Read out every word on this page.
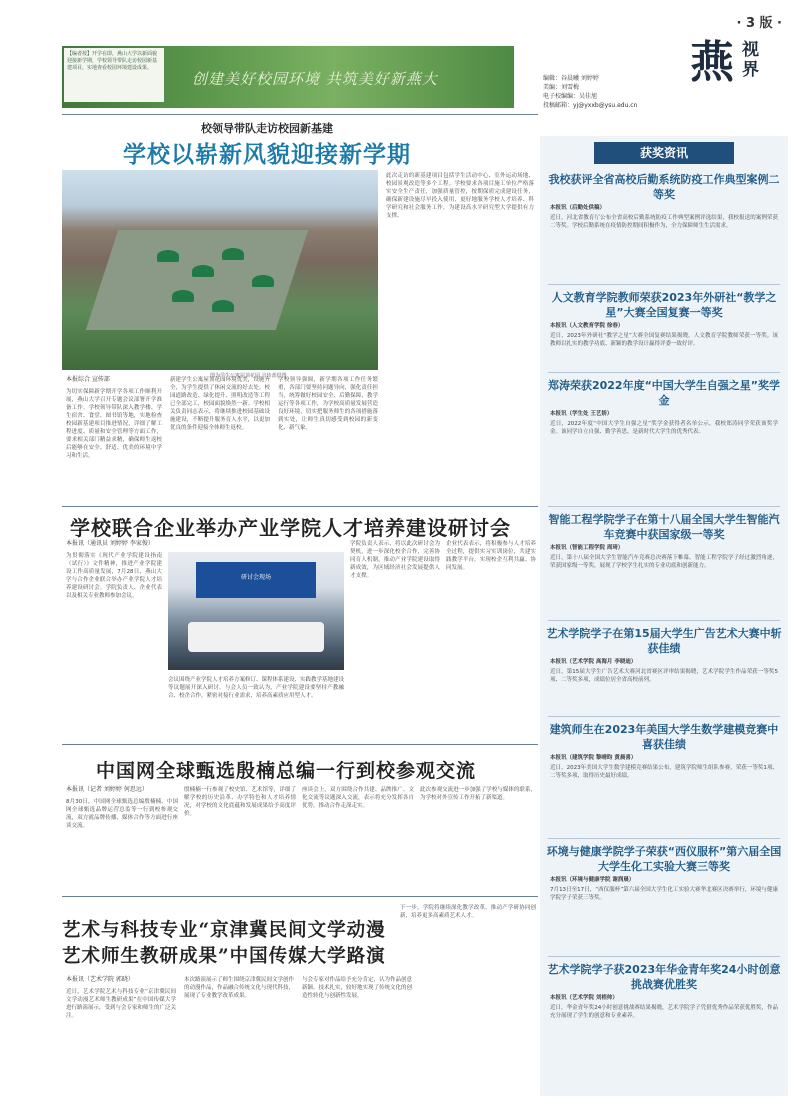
· 3 版 ·
燕 视界
编辑：谷晨曦 刘婷婷
美编：刘雪梅
电子校编编：吴佳旭
投稿邮箱：yj@yxxb@ysu.edu.cn
【编者按】开学在即，燕山大学以新面貌迎接新学期，学校领导带队走访校园新基建项目，实地查看校园环境建设成果。
创建美好校园环境 共筑美好新燕大
校领导带队走访校园新基建
学校以崭新风貌迎接新学期
图为学生公寓屋顶花园 宣传部供图
此次走访的新基建项目包括学生活动中心、室外运动场地、校园景观改造等多个工程。学校要求各项目施工单位严格落实安全生产责任，加强质量管控，按期保质完成建设任务，确保新建设施尽早投入使用，更好地服务学校人才培养、科学研究和社会服务工作，为建设高水平研究型大学提供有力支撑。
本报综合 宣传部
为切实保障新学期开学各项工作顺利开展，燕山大学召开专题会议部署开学准备工作。学校领导带队深入教学楼、学生宿舍、食堂、图书馆等地，实地检查校园新基建项目推进情况，详细了解工程进度、质量和安全管理等方面工作，要求相关部门精益求精，确保师生返校后能够在安全、舒适、优美的环境中学习和生活。
新建学生公寓屋顶花园环境优美，设施齐全，为学生提供了休闲交流的好去处。校园道路改造、绿化提升、照明改造等工程已全部完工，校园面貌焕然一新。学校相关负责同志表示，将继续推进校园基础设施建设，不断提升服务育人水平，以更加优良的条件迎接全体师生返校。
学校领导强调，新学期各项工作任务繁重，各部门要坚持问题导向，强化责任担当，统筹做好校园安全、后勤保障、教学运行等各项工作，为学校高质量发展营造良好环境，切实把服务师生的各项措施落到实处，让师生真切感受到校园的新变化、新气象。
学校联合企业举办产业学院人才培养建设研讨会
本报讯（通讯员 刘婷婷 李家俊）
为贯彻落实《现代产业学院建设指南（试行）》文件精神，推进产业学院建设工作高质量发展，7月28日，燕山大学与合作企业联合举办产业学院人才培养建设研讨会。学院负责人、企业代表以及相关专业教师参加会议。
研讨会现场
学院负责人表示，将以此次研讨会为契机，进一步深化校企合作，完善协同育人机制，推动产业学院建设取得新成效，为区域经济社会发展提供人才支撑。
企业代表表示，将积极参与人才培养全过程，提供实习实训岗位，共建实践教学平台，实现校企互利共赢、协同发展。
会议围绕产业学院人才培养方案修订、课程体系建设、实践教学基地建设等议题展开深入研讨。与会人员一致认为，产业学院建设要坚持产教融合、校企合作，紧密对接行业需求，培养高素质应用型人才。
中国网全球甄选殷楠总编一行到校参观交流
本报讯（记者 刘婷婷 何思远）
8月30日，中国网全球甄选总编殷楠楠、中国网全球甄选品牌运营总监等一行到校参观交流，双方就品牌传播、媒体合作等方面进行座谈交流。
殷楠楠一行参观了校史馆、艺术馆等，详细了解学校的历史沿革、办学特色和人才培养情况，对学校的文化底蕴和发展成果给予高度评价。
座谈会上，双方围绕合作共建、品牌推广、文化交流等议题深入交流，表示将充分发挥各自优势，推动合作走深走实。
此次参观交流进一步加强了学校与媒体的联系，为学校对外宣传工作开拓了新渠道。
艺术与科技专业“京津冀民间文学动漫
艺术师生教研成果”中国传媒大学路演
下一步，学院将继续深化教学改革，推动产学研协同创新，培养更多高素质艺术人才。
本报讯（艺术学院 郭晓）
近日，艺术学院艺术与科技专业“京津冀民间文学动漫艺术师生教研成果”在中国传媒大学进行路演展示，受到与会专家和师生的广泛关注。
本次路演展示了师生围绕京津冀民间文学创作的动漫作品，作品融合传统文化与现代科技，展现了专业教学改革成果。
与会专家对作品给予充分肯定，认为作品创意新颖、技术扎实，较好地实现了传统文化的创造性转化与创新性发展。
获奖资讯
我校获评全省高校后勤系统防疫工作典型案例二等奖
本报讯（后勤处供稿）
近日，河北省教育厅公布全省高校后勤系统防疫工作典型案例评选结果，我校报送的案例荣获二等奖。学校后勤系统在疫情防控期间积极作为，全力保障师生生活需求。
人文教育学院教师荣获2023年外研社“教学之星”大赛全国复赛一等奖
本报讯（人文教育学院 徐春）
近日，2023年外研社“教学之星”大赛全国复赛结果揭晓，人文教育学院教师荣获一等奖。该教师以扎实的教学功底、新颖的教学设计赢得评委一致好评。
郑涛荣获2022年度“中国大学生自强之星”奖学金
本报讯（学生处 王艺娇）
近日，2022年度“中国大学生自强之星”奖学金获得者名单公示，我校郑涛同学荣获该奖学金。该同学自立自强、勤学善思，是新时代大学生的优秀代表。
智能工程学院学子在第十八届全国大学生智能汽车竞赛中获国家级一等奖
本报讯（智能工程学院 周琦）
近日，第十八届全国大学生智能汽车竞赛总决赛落下帷幕，智能工程学院学子经过激烈角逐，荣获国家级一等奖，展现了学校学生扎实的专业功底和创新能力。
艺术学院学子在第15届大学生广告艺术大赛中斩获佳绩
本报讯（艺术学院 高海月 李晓迪）
近日，第15届大学生广告艺术大赛河北省赛区评审结果揭晓，艺术学院学生作品荣获一等奖5项、二等奖多项，成绩位居全省高校前列。
建筑师生在2023年美国大学生数学建模竞赛中喜获佳绩
本报讯（建筑学院 黎晴昀 黄晨喜）
近日，2023年美国大学生数学建模竞赛结果公布，建筑学院师生组队参赛，荣获一等奖1项、二等奖多项，取得历史最好成绩。
环境与健康学院学子荣获“西仪服杯”第六届全国大学生化工实验大赛三等奖
本报讯（环境与健康学院 谢润晨）
7月13日至17日，“西仪服杯”第六届全国大学生化工实验大赛华北赛区决赛举行，环境与健康学院学子荣获三等奖。
艺术学院学子获2023年华金青年奖24小时创意挑战赛优胜奖
本报讯（艺术学院 刘梧帅）
近日，华金青年奖24小时创意挑战赛结果揭晓，艺术学院学子凭借优秀作品荣获优胜奖，作品充分展现了学生的创意和专业素养。
